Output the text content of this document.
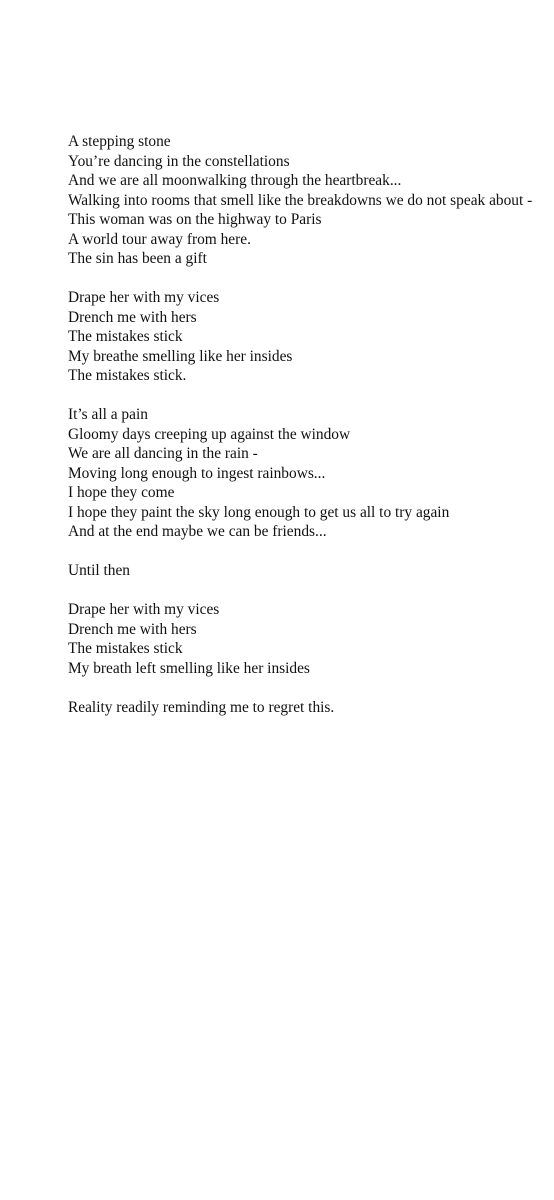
A stepping stone
You’re dancing in the constellations
And we are all moonwalking through the heartbreak...
Walking into rooms that smell like the breakdowns we do not speak about -
This woman was on the highway to Paris
A world tour away from here.
The sin has been a gift
Drape her with my vices
Drench me with hers
The mistakes stick
My breathe smelling like her insides
The mistakes stick.
It’s all a pain
Gloomy days creeping up against the window
We are all dancing in the rain -
Moving long enough to ingest rainbows...
I hope they come
I hope they paint the sky long enough to get us all to try again
And at the end maybe we can be friends...
Until then
Drape her with my vices
Drench me with hers
The mistakes stick
My breath left smelling like her insides
Reality readily reminding me to regret this.
